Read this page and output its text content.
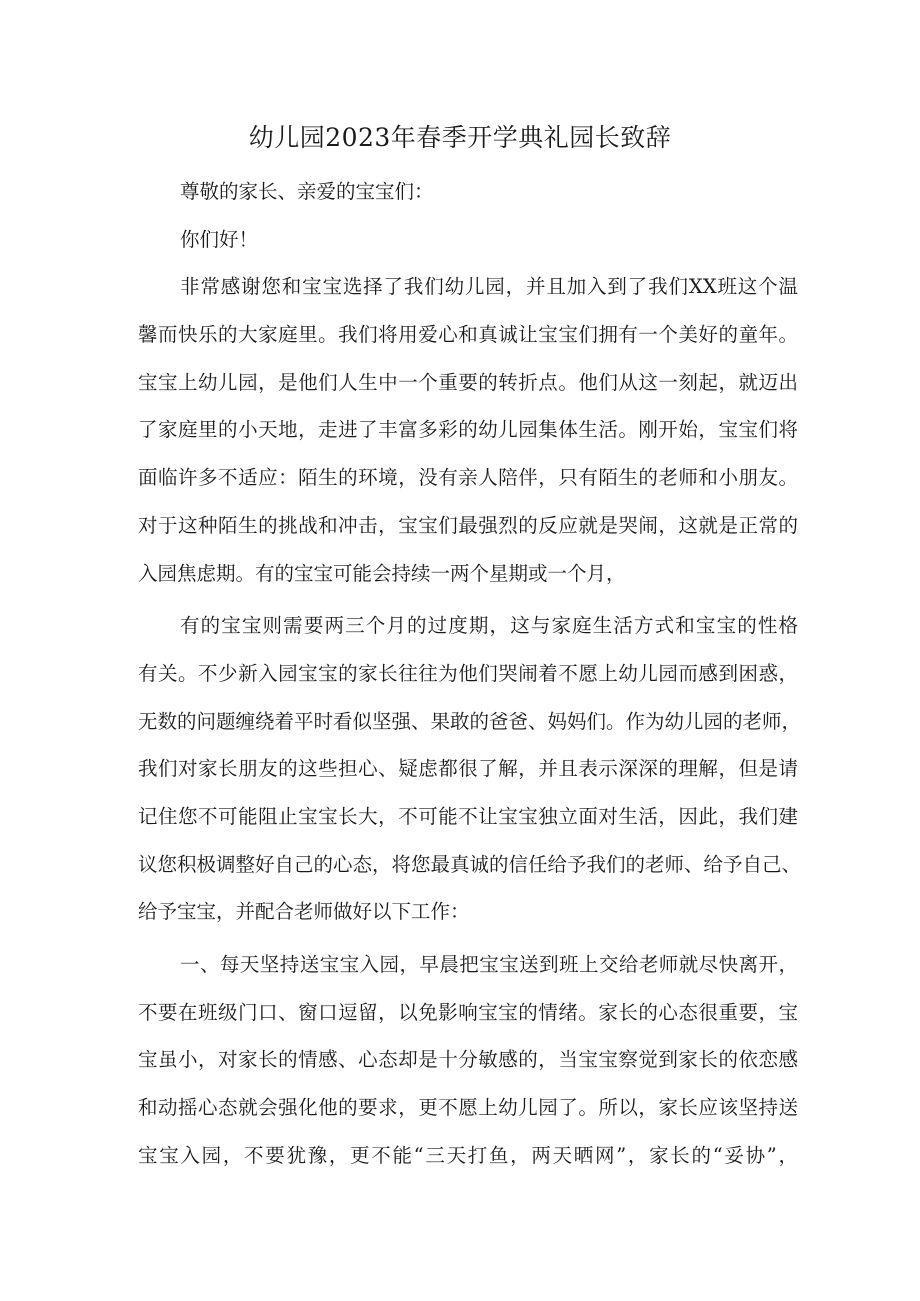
幼儿园2023年春季开学典礼园长致辞
尊敬的家长、亲爱的宝宝们：
你们好！
非常感谢您和宝宝选择了我们幼儿园，并且加入到了我们XX班这个温
馨而快乐的大家庭里。我们将用爱心和真诚让宝宝们拥有一个美好的童年。
宝宝上幼儿园，是他们人生中一个重要的转折点。他们从这一刻起，就迈出
了家庭里的小天地，走进了丰富多彩的幼儿园集体生活。刚开始，宝宝们将
面临许多不适应：陌生的环境，没有亲人陪伴，只有陌生的老师和小朋友。
对于这种陌生的挑战和冲击，宝宝们最强烈的反应就是哭闹，这就是正常的
入园焦虑期。有的宝宝可能会持续一两个星期或一个月，
有的宝宝则需要两三个月的过度期，这与家庭生活方式和宝宝的性格
有关。不少新入园宝宝的家长往往为他们哭闹着不愿上幼儿园而感到困惑，
无数的问题缠绕着平时看似坚强、果敢的爸爸、妈妈们。作为幼儿园的老师，
我们对家长朋友的这些担心、疑虑都很了解，并且表示深深的理解，但是请
记住您不可能阻止宝宝长大，不可能不让宝宝独立面对生活，因此，我们建
议您积极调整好自己的心态，将您最真诚的信任给予我们的老师、给予自己、
给予宝宝，并配合老师做好以下工作：
一、每天坚持送宝宝入园，早晨把宝宝送到班上交给老师就尽快离开，
不要在班级门口、窗口逗留，以免影响宝宝的情绪。家长的心态很重要，宝
宝虽小，对家长的情感、心态却是十分敏感的，当宝宝察觉到家长的依恋感
和动摇心态就会强化他的要求，更不愿上幼儿园了。所以，家长应该坚持送
宝宝入园，不要犹豫，更不能“三天打鱼，两天晒网”，家长的“妥协”，
